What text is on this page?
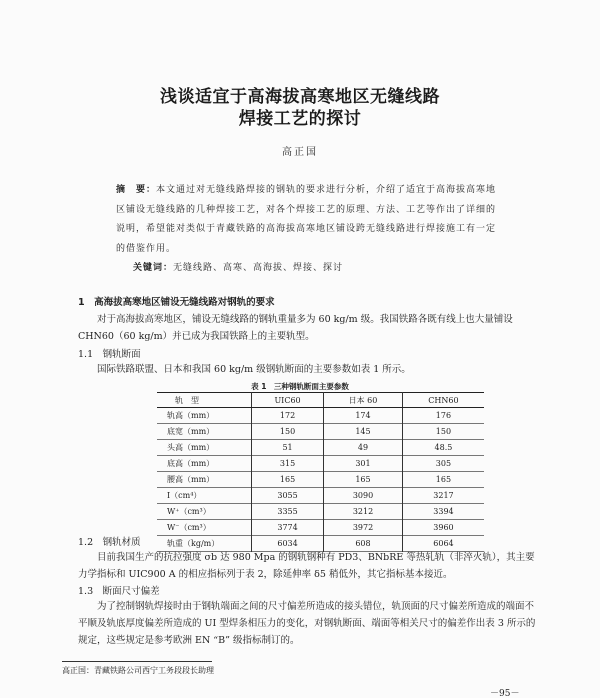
浅谈适宜于高海拔高寒地区无缝线路
焊接工艺的探讨
高正国
摘　要：本文通过对无缝线路焊接的钢轨的要求进行分析，介绍了适宜于高海拔高寒地区铺设无缝线路的几种焊接工艺，对各个焊接工艺的原理、方法、工艺等作出了详细的说明，希望能对类似于青藏铁路的高海拔高寒地区铺设跨无缝线路进行焊接施工有一定的借鉴作用。
关键词：无缝线路、高寒、高海拔、焊接、探讨
1　高海拔高寒地区铺设无缝线路对钢轨的要求
对于高海拔高寒地区，铺设无缝线路的钢轨重量多为 60 kg/m 级。我国铁路各既有线上也大量铺设 CHN60（60 kg/m）并已成为我国铁路上的主要轨型。
1.1　钢轨断面
国际铁路联盟、日本和我国 60 kg/m 级钢轨断面的主要参数如表 1 所示。
表 1　三种钢轨断面主要参数
轨　型	UIC60	日本 60	CHN60
轨高（mm）	172	174	176
底宽（mm）	150	145	150
头高（mm）	51	49	48.5
底高（mm）	315	301	305
腰高（mm）	165	165	165
I（cm⁴）	3055	3090	3217
W⁺（cm³）	3355	3212	3394
W⁻（cm³）	3774	3972	3960
轨重（kg/m）	6034	608	6064
1.2　钢轨材质
目前我国生产的抗拉强度 σb 达 980 Mpa 的钢轨钢种有 PD3、BNbRE 等热轧轨（非淬火轨），其主要力学指标和 UIC900 A 的相应指标列于表 2，除延伸率 δ5 稍低外，其它指标基本接近。
1.3　断面尺寸偏差
为了控制钢轨焊接时由于钢轨端面之间的尺寸偏差所造成的接头错位，轨顶面的尺寸偏差所造成的端面不平顺及轨底厚度偏差所造成的 UI 型焊条相压力的变化，对钢轨断面、端面等相关尺寸的偏差作出表 3 所示的规定，这些规定是参考欧洲 EN “B” 级指标制订的。
高正国：青藏铁路公司西宁工务段段长助理
－95－
